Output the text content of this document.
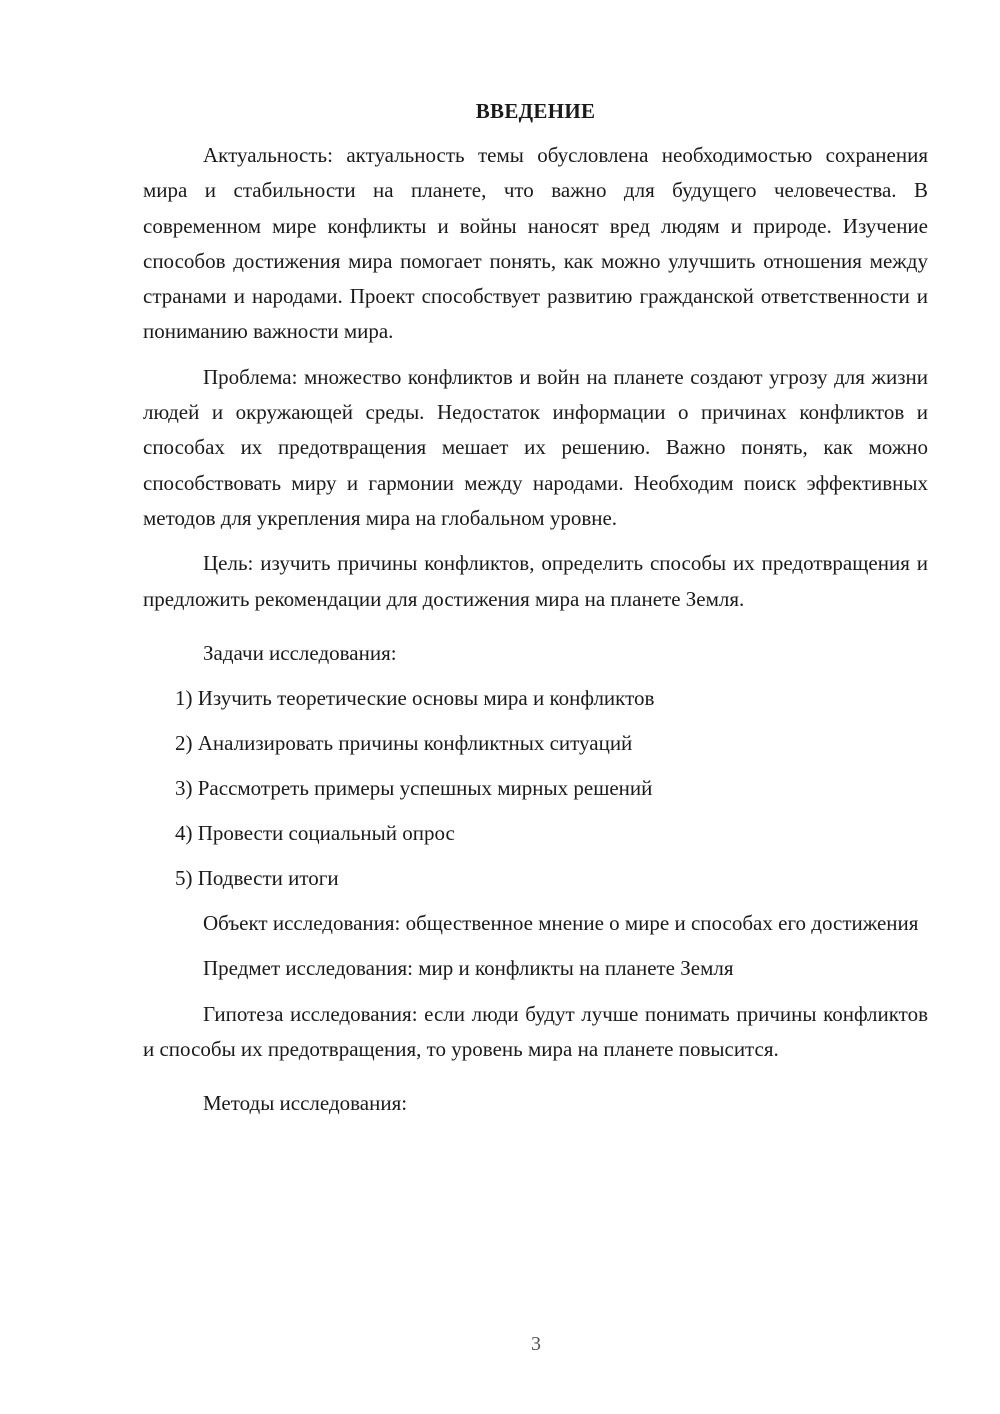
ВВЕДЕНИЕ

Актуальность: актуальность темы обусловлена необходимостью сохранения мира и стабильности на планете, что важно для будущего человечества. В современном мире конфликты и войны наносят вред людям и природе. Изучение способов достижения мира помогает понять, как можно улучшить отношения между странами и народами. Проект способствует развитию гражданской ответственности и пониманию важности мира.

Проблема: множество конфликтов и войн на планете создают угрозу для жизни людей и окружающей среды. Недостаток информации о причинах конфликтов и способах их предотвращения мешает их решению. Важно понять, как можно способствовать миру и гармонии между народами. Необходим поиск эффективных методов для укрепления мира на глобальном уровне.

Цель: изучить причины конфликтов, определить способы их предотвращения и предложить рекомендации для достижения мира на планете Земля.

Задачи исследования:

1) Изучить теоретические основы мира и конфликтов
2) Анализировать причины конфликтных ситуаций
3) Рассмотреть примеры успешных мирных решений
4) Провести социальный опрос
5) Подвести итоги

Объект исследования: общественное мнение о мире и способах его достижения

Предмет исследования: мир и конфликты на планете Земля

Гипотеза исследования: если люди будут лучше понимать причины конфликтов и способы их предотвращения, то уровень мира на планете повысится.

Методы исследования:

3
